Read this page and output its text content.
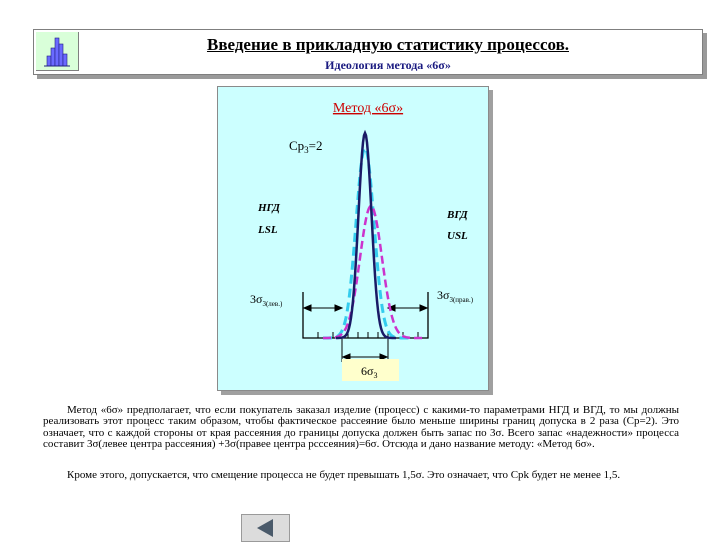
Введение в прикладную статистику процессов.
Идеология метода «6σ»
Метод «6σ»
$Cp_3=2$
НГД
LSL
ВГД
USL
$3\sigma_{3(лев.)}$
$3\sigma_{3(прав.)}$
$6\sigma_3$
Метод «6σ» предполагает, что если покупатель заказал изделие (процесс) с какими-то параметрами НГД и ВГД, то мы должны реализовать этот процесс таким образом, чтобы фактическое рассеяние было меньше ширины границ допуска в 2 раза (Cp=2). Это означает, что с каждой стороны от края рассеяния до границы допуска должен быть запас по 3σ. Всего запас «надежности» процесса составит 3σ(левее центра рассеяния) +3σ(правее центра рсссеяния)=6σ. Отсюда и дано название методу: «Метод 6σ».
Кроме этого, допускается, что смещение процесса не будет превышать 1,5σ. Это означает, что Cpk будет не менее 1,5.
